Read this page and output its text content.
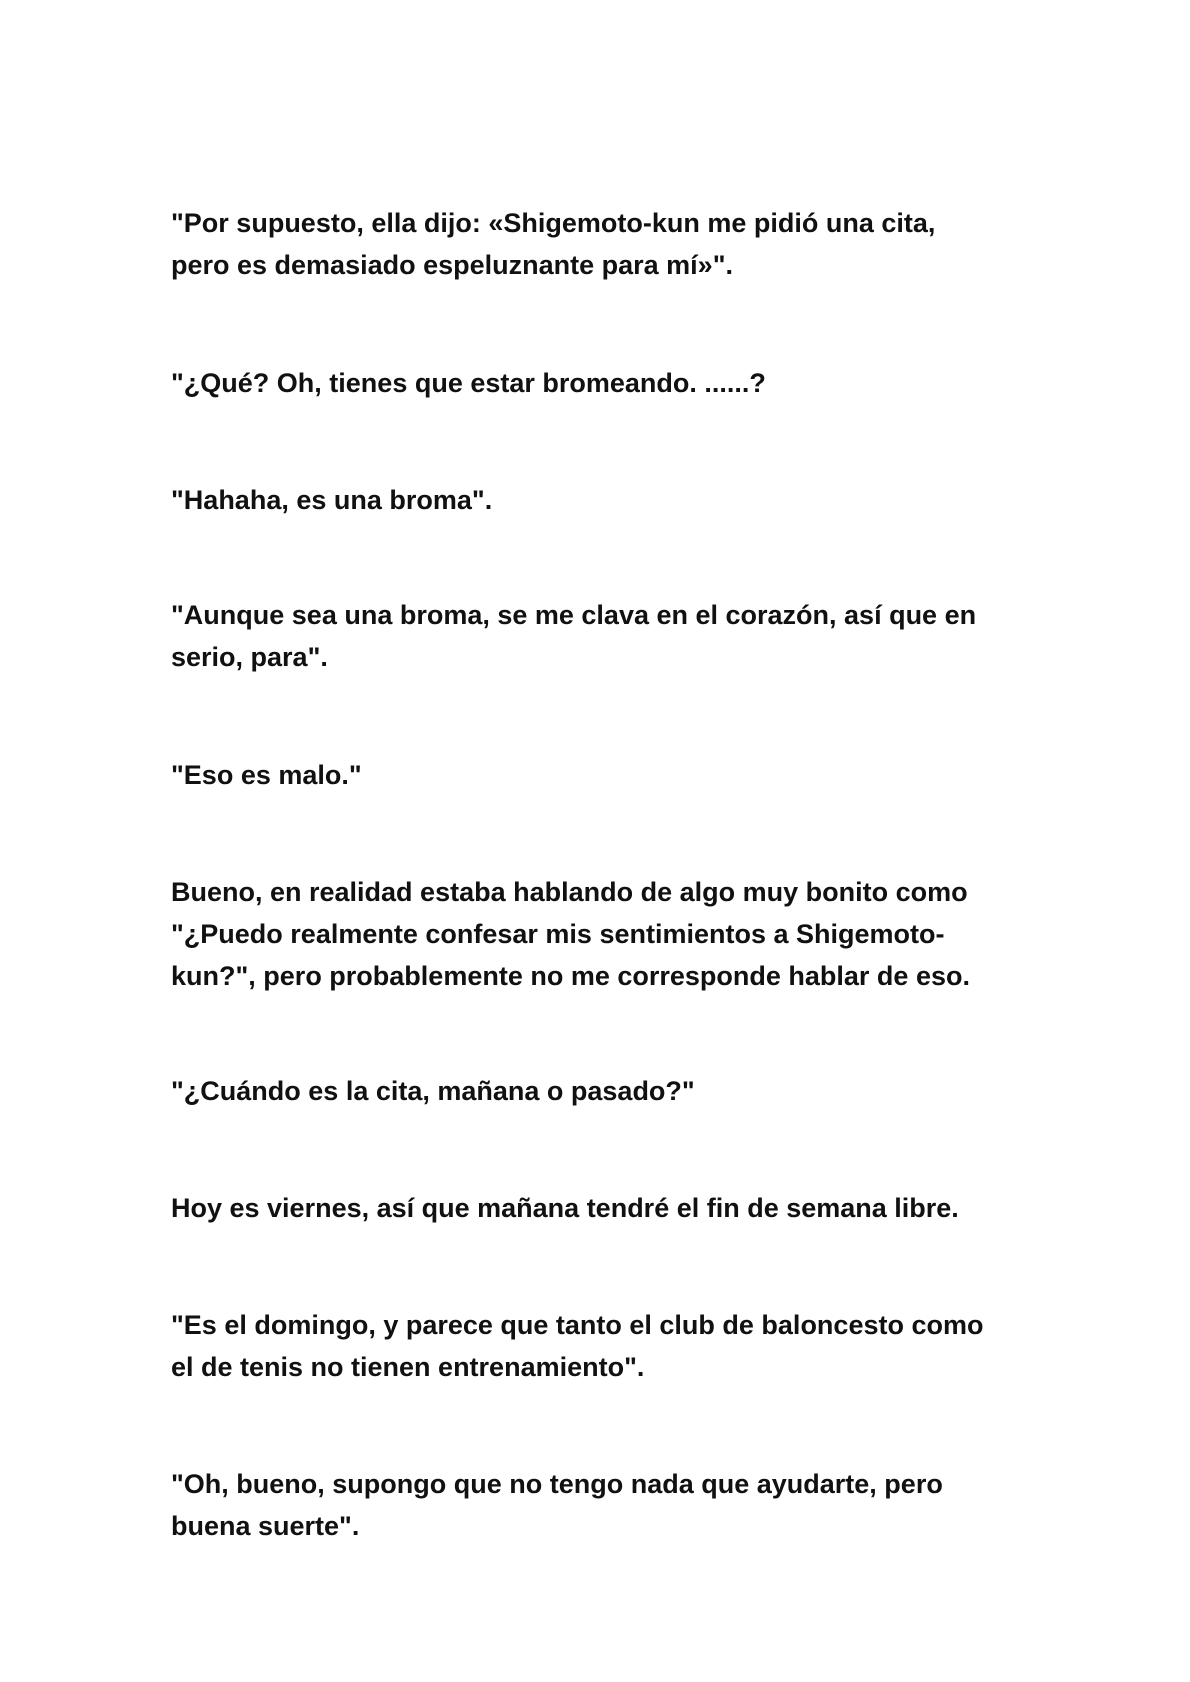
"Por supuesto, ella dijo: «Shigemoto-kun me pidió una cita,
pero es demasiado espeluznante para mí»".

"¿Qué? Oh, tienes que estar bromeando. ......?

"Hahaha, es una broma".

"Aunque sea una broma, se me clava en el corazón, así que en
serio, para".

"Eso es malo."

Bueno, en realidad estaba hablando de algo muy bonito como
"¿Puedo realmente confesar mis sentimientos a Shigemoto-
kun?", pero probablemente no me corresponde hablar de eso.

"¿Cuándo es la cita, mañana o pasado?"

Hoy es viernes, así que mañana tendré el fin de semana libre.

"Es el domingo, y parece que tanto el club de baloncesto como
el de tenis no tienen entrenamiento".

"Oh, bueno, supongo que no tengo nada que ayudarte, pero
buena suerte".
